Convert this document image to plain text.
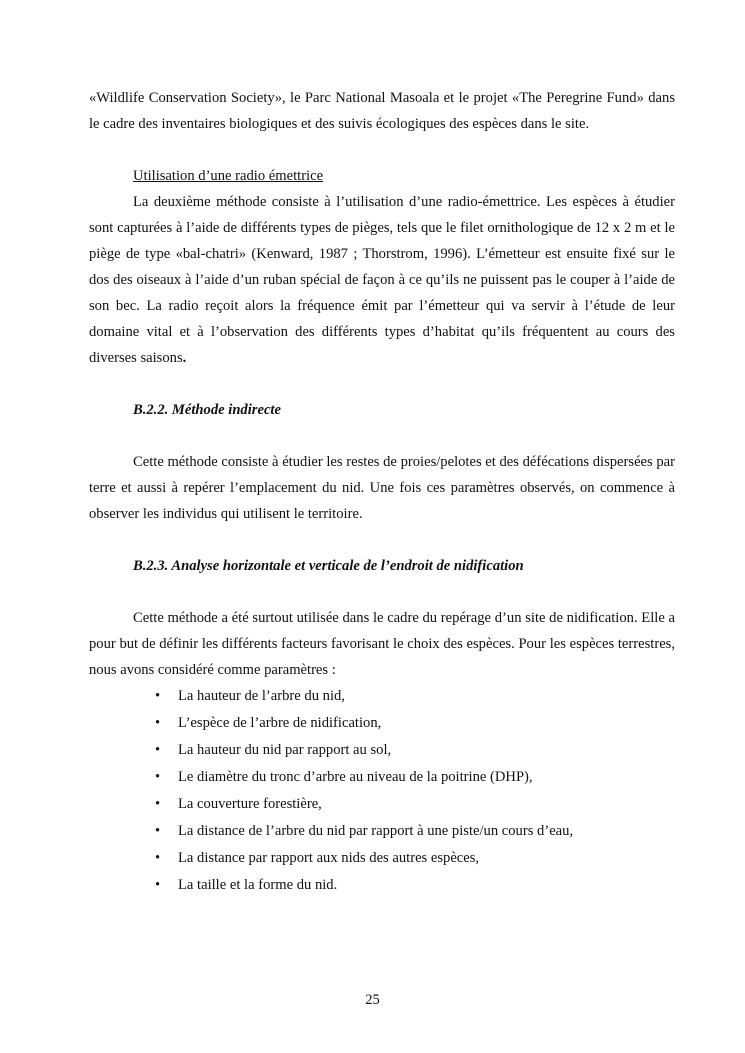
«Wildlife Conservation Society», le Parc National Masoala et le projet «The Peregrine Fund» dans le cadre des inventaires biologiques et des suivis écologiques des espèces dans le site.

Utilisation d’une radio émettrice

La deuxième méthode consiste à l’utilisation d’une radio-émettrice. Les espèces à étudier sont capturées à l’aide de différents types de pièges, tels que le filet ornithologique de 12 x 2 m et le piège de type «bal-chatri» (Kenward, 1987 ; Thorstrom, 1996). L’émetteur est ensuite fixé sur le dos des oiseaux à l’aide d’un ruban spécial de façon à ce qu’ils ne puissent pas le couper à l’aide de son bec. La radio reçoit alors la fréquence émit par l’émetteur qui va servir à l’étude de leur domaine vital et à l’observation des différents types d’habitat qu’ils fréquentent au cours des diverses saisons.

B.2.2. Méthode indirecte

Cette méthode consiste à étudier les restes de proies/pelotes et des défécations dispersées par terre et aussi à repérer l’emplacement du nid. Une fois ces paramètres observés, on commence à observer les individus qui utilisent le territoire.

B.2.3. Analyse horizontale et verticale de l’endroit de nidification

Cette méthode a été surtout utilisée dans le cadre du repérage d’un site de nidification. Elle a pour but de définir les différents facteurs favorisant le choix des espèces. Pour les espèces terrestres, nous avons considéré comme paramètres :

• La hauteur de l’arbre du nid,
• L’espèce de l’arbre de nidification,
• La hauteur du nid par rapport au sol,
• Le diamètre du tronc d’arbre au niveau de la poitrine (DHP),
• La couverture forestière,
• La distance de l’arbre du nid par rapport à une piste/un cours d’eau,
• La distance par rapport aux nids des autres espèces,
• La taille et la forme du nid.
25
